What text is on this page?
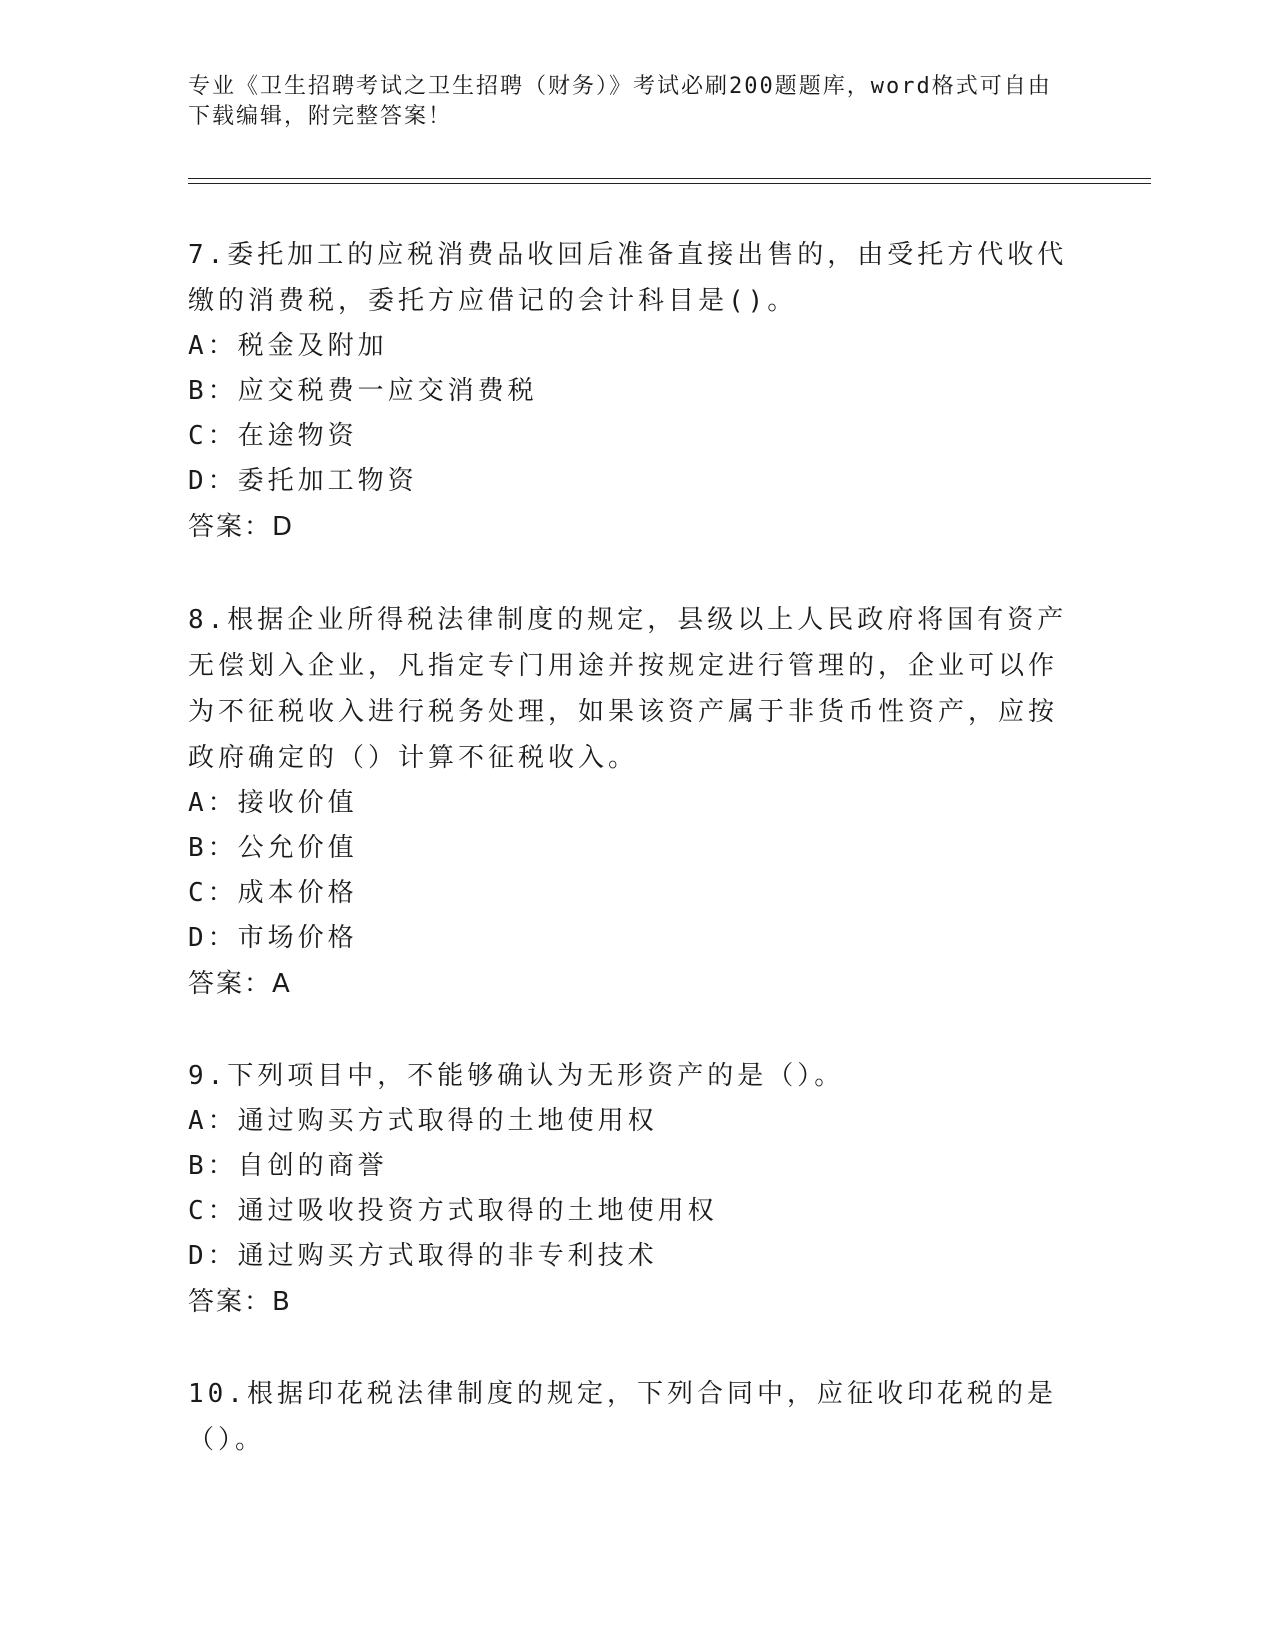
专业《卫生招聘考试之卫生招聘（财务）》考试必刷200题题库，word格式可自由下载编辑，附完整答案！
7.委托加工的应税消费品收回后准备直接出售的，由受托方代收代缴的消费税，委托方应借记的会计科目是()。
A：税金及附加
B：应交税费一应交消费税
C：在途物资
D：委托加工物资
答案：D
8.根据企业所得税法律制度的规定，县级以上人民政府将国有资产无偿划入企业，凡指定专门用途并按规定进行管理的，企业可以作为不征税收入进行税务处理，如果该资产属于非货币性资产，应按政府确定的（）计算不征税收入。
A：接收价值
B：公允价值
C：成本价格
D：市场价格
答案：A
9.下列项目中，不能够确认为无形资产的是（）。
A：通过购买方式取得的土地使用权
B：自创的商誉
C：通过吸收投资方式取得的土地使用权
D：通过购买方式取得的非专利技术
答案：B
10.根据印花税法律制度的规定，下列合同中，应征收印花税的是（）。
